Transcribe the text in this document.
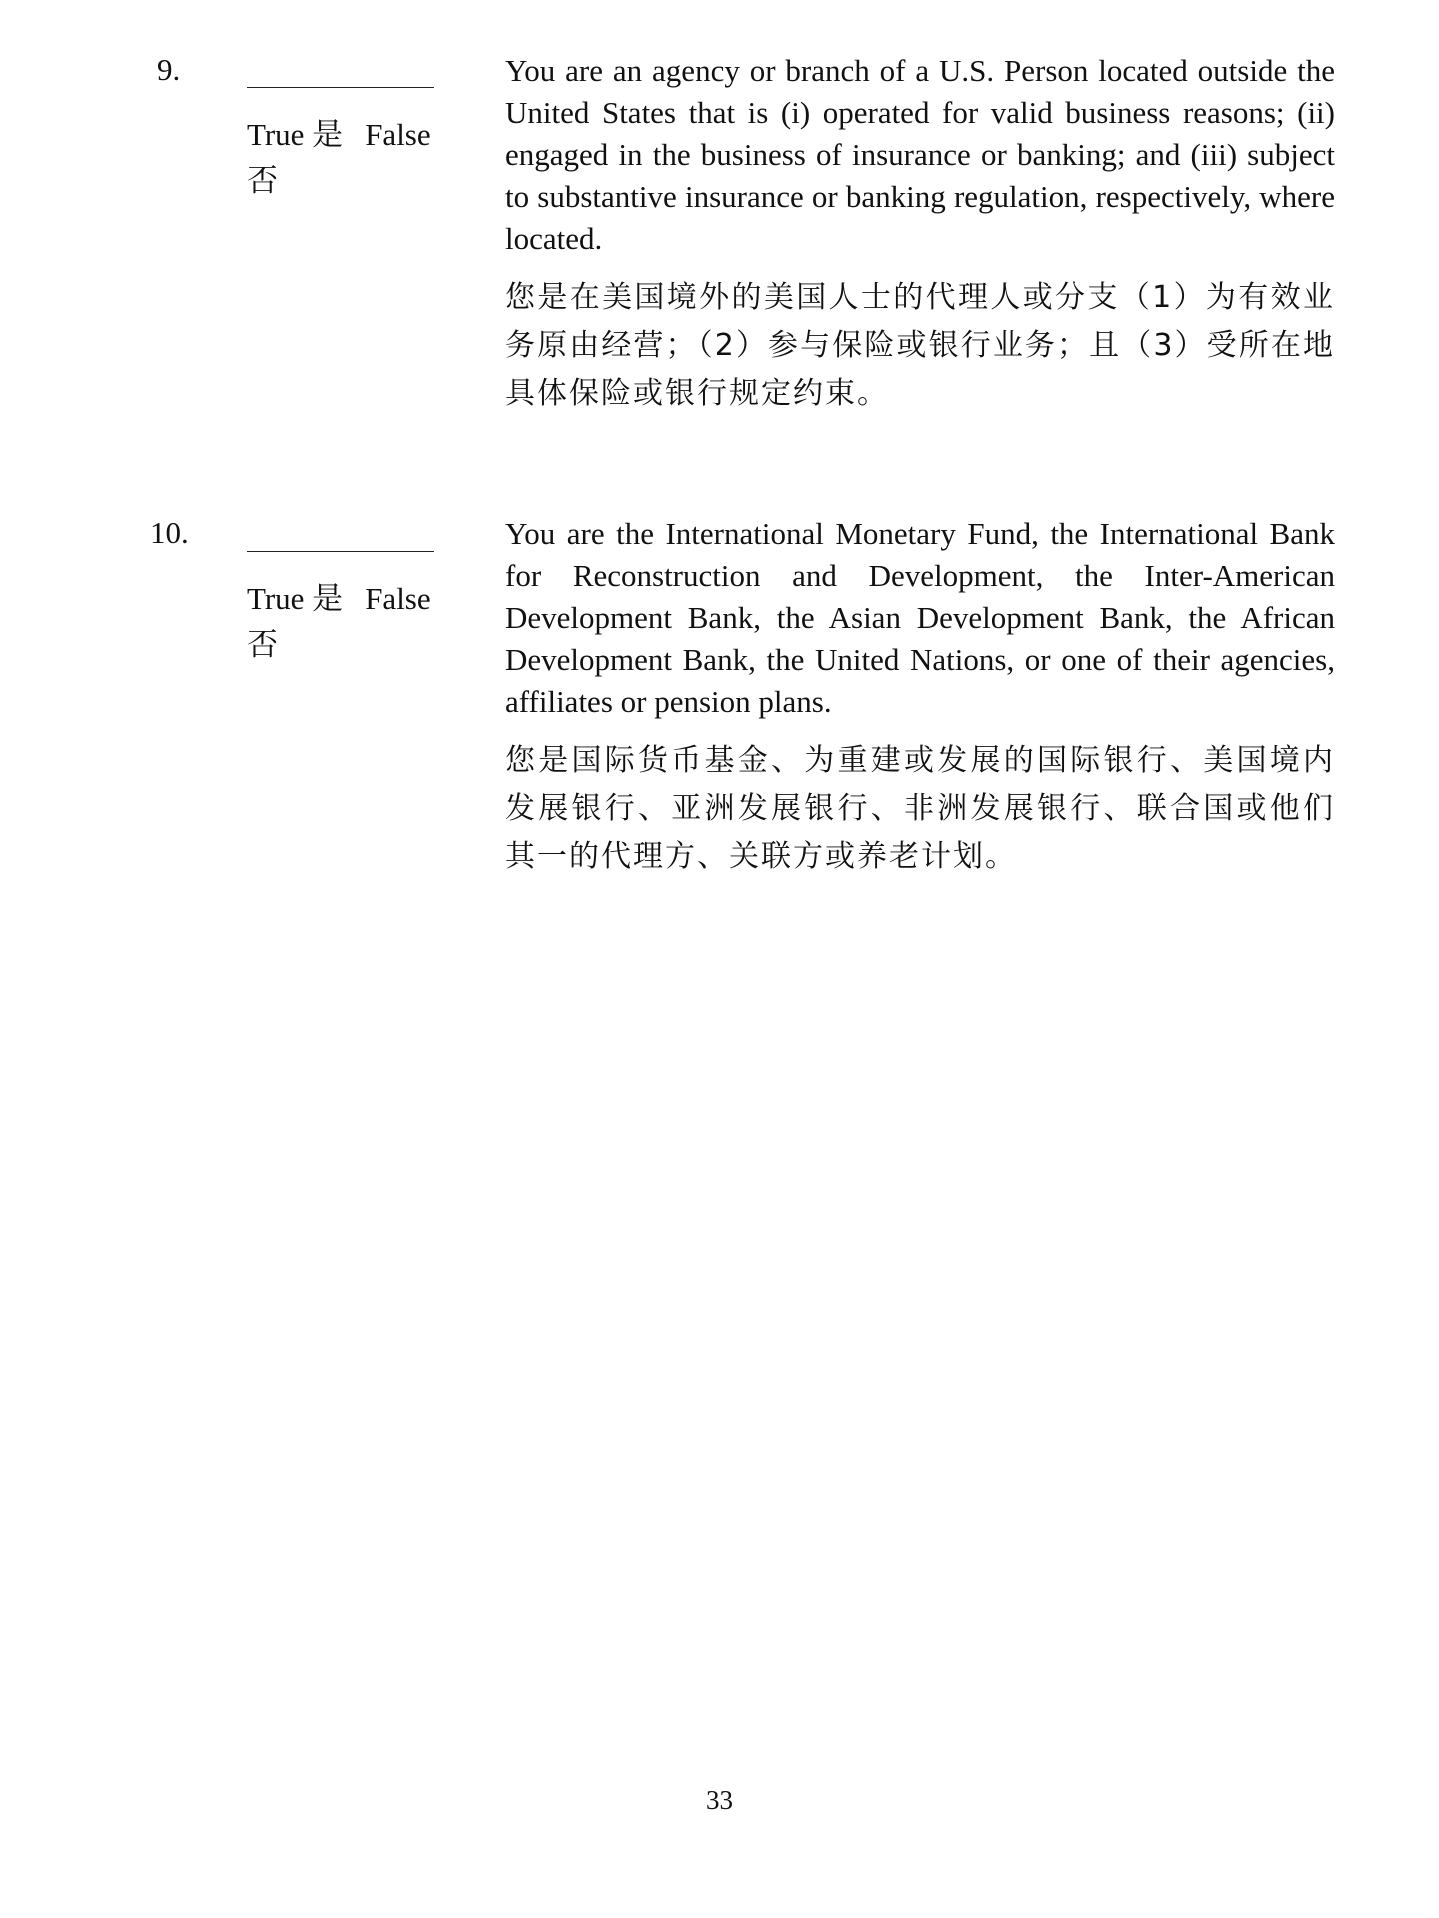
9.
True 是 False
否

You are an agency or branch of a U.S. Person located outside the United States that is (i) operated for valid business reasons; (ii) engaged in the business of insurance or banking; and (iii) subject to substantive insurance or banking regulation, respectively, where located.

您是在美国境外的美国人士的代理人或分支（1）为有效业务原由经营；（2）参与保险或银行业务；且（3）受所在地具体保险或银行规定约束。

10.
True 是 False
否

You are the International Monetary Fund, the International Bank for Reconstruction and Development, the Inter-American Development Bank, the Asian Development Bank, the African Development Bank, the United Nations, or one of their agencies, affiliates or pension plans.

您是国际货币基金、为重建或发展的国际银行、美国境内发展银行、亚洲发展银行、非洲发展银行、联合国或他们其一的代理方、关联方或养老计划。

33
